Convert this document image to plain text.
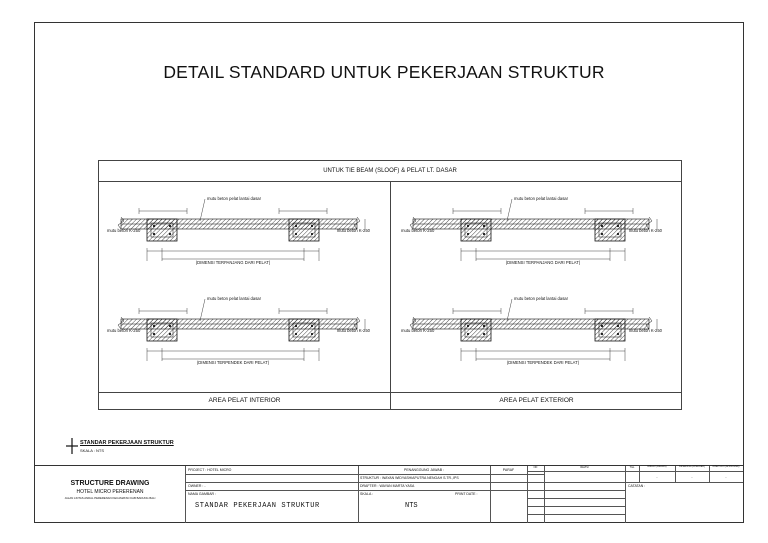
DETAIL STANDARD UNTUK PEKERJAAN STRUKTUR
UNTUK TIE BEAM (SLOOF) & PELAT LT. DASAR
AREA PELAT INTERIOR	AREA PELAT EXTERIOR
mutu beton pelat lantai dasar
mutu beton K-250	mutu beton K-250
(DIMENSI TERPANJANG DARI PELAT)
mutu beton pelat lantai dasar
mutu beton K-250	mutu beton K-250
(DIMENSI TERPANJANG DARI PELAT)
mutu beton pelat lantai dasar
mutu beton K-250	mutu beton K-250
(DIMENSI TERPENDEK DARI PELAT)
mutu beton pelat lantai dasar
mutu beton K-250	mutu beton K-250
(DIMENSI TERPENDEK DARI PELAT)
STANDAR PEKERJAAN STRUKTUR
SKALA : NTS
STRUCTURE DRAWING
HOTEL MICRO PERERENAN
JALAN LINTAS ANDAL PERERENAN KECAMATAN KAB BADUNG BALI
PROJECT : HOTEL MICRO
OWNER : -
NAMA GAMBAR :
STANDAR PEKERJAAN STRUKTUR
PENANGGUNG JAWAB :	PARAF
STRUKTUR : WAYAN WIDYASHIAPUTRA NENGAH S.TR.,IPS
DRAFTER : WAYAN MARTA YASA
SKALA :
NTS
PRINT DATE :
NO	REVISI	TGL	DIBUAT (DRAWN)	DIPERIKSA (CHECKED)	DISETUJUI (APPROVED)
-	-	-
CATATAN :
